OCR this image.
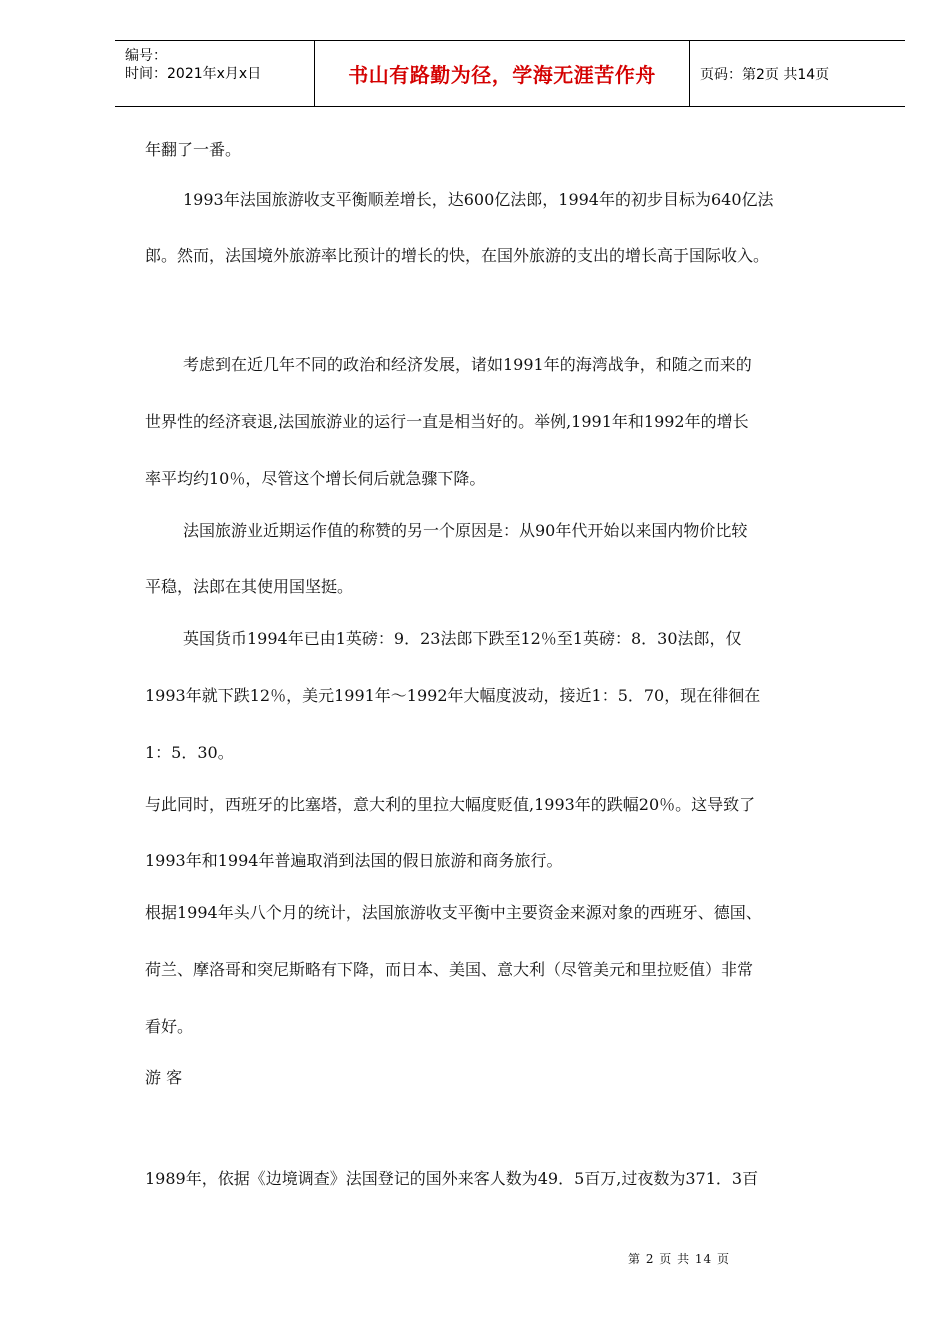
编号：
时间：2021年x月x日	书山有路勤为径，学海无涯苦作舟	页码：第2页 共14页
年翻了一番。
1993年法国旅游收支平衡顺差增长，达600亿法郎，1994年的初步目标为640亿法
郎。然而，法国境外旅游率比预计的增长的快，在国外旅游的支出的增长高于国际收入。
考虑到在近几年不同的政治和经济发展，诸如1991年的海湾战争，和随之而来的
世界性的经济衰退,法国旅游业的运行一直是相当好的。举例,1991年和1992年的增长
率平均约10％，尽管这个增长伺后就急骤下降。
法国旅游业近期运作值的称赞的另一个原因是：从90年代开始以来国内物价比较
平稳，法郎在其使用国坚挺。
英国货币1994年已由1英磅：9．23法郎下跌至12％至1英磅：8．30法郎，仅
1993年就下跌12％，美元1991年～1992年大幅度波动，接近1：5．70，现在徘徊在
1：5．30。
与此同时，西班牙的比塞塔，意大利的里拉大幅度贬值,1993年的跌幅20％。这导致了
1993年和1994年普遍取消到法国的假日旅游和商务旅行。
根据1994年头八个月的统计，法国旅游收支平衡中主要资金来源对象的西班牙、德国、
荷兰、摩洛哥和突尼斯略有下降，而日本、美国、意大利（尽管美元和里拉贬值）非常
看好。
游 客
1989年，依据《边境调查》法国登记的国外来客人数为49．5百万,过夜数为371．3百
第 2 页 共 14 页
